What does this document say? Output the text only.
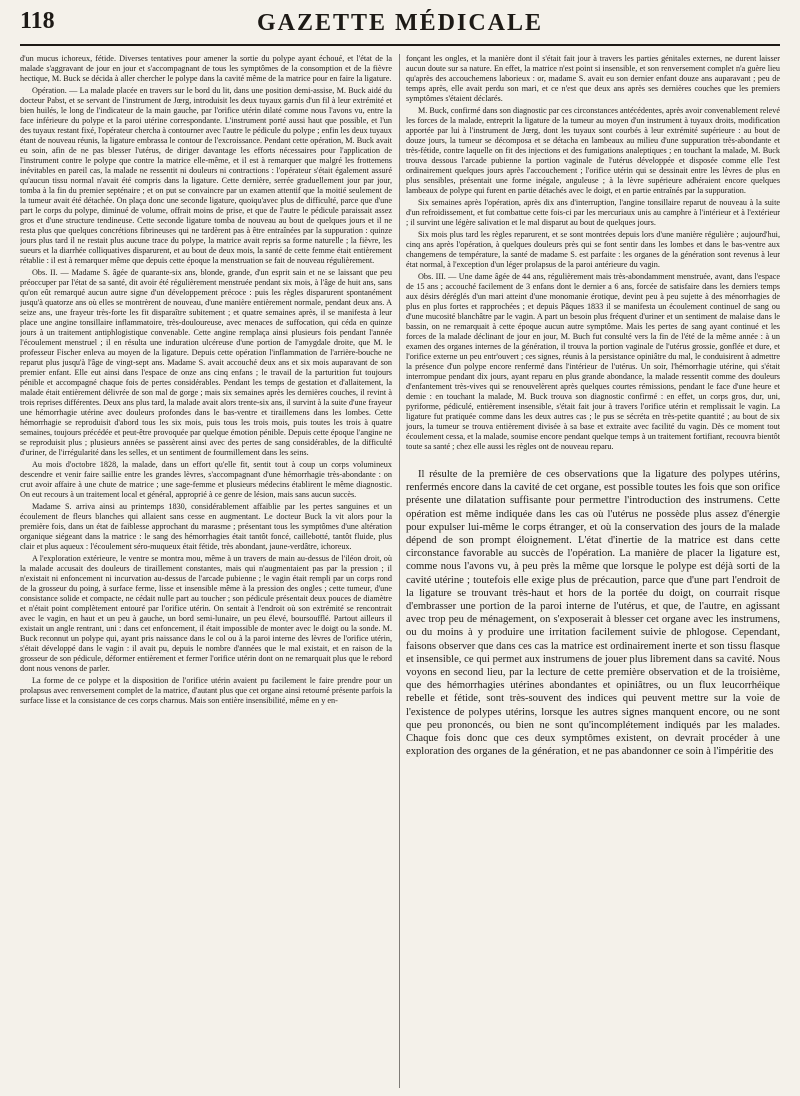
118	GAZETTE MÉDICALE

d'un mucus ichoreux, fétide. Diverses tentatives pour amener la sortie du polype ayant échoué, et l'état de la malade s'aggravant de jour en jour et s'accompagnant de tous les symptômes de la consomption et de la fièvre hectique, M. Buck se décida à aller chercher le polype dans la cavité même de la matrice pour en faire la ligature.

Opération. — La malade placée en travers sur le bord du lit, dans une position demi-assise, M. Buck aidé du docteur Pabst, et se servant de l'instrument de Jœrg, introduisit les deux tuyaux garnis d'un fil à leur extrémité et bien huilés, le long de l'indicateur de la main gauche, par l'orifice utérin dilaté comme nous l'avons vu, entre la face inférieure du polype et la paroi utérine correspondante. L'instrument porté aussi haut que possible, et l'un des tuyaux restant fixé, l'opérateur chercha à contourner avec l'autre le pédicule du polype ; enfin les deux tuyaux étant de nouveau réunis, la ligature embrassa le contour de l'excroissance. Pendant cette opération, M. Buck avait eu soin, afin de ne pas blesser l'utérus, de diriger davantage les efforts nécessaires pour l'application de l'instrument contre le polype que contre la matrice elle-même, et il est à remarquer que malgré les frottemens inévitables en pareil cas, la malade ne ressentit ni douleurs ni contractions : l'opérateur s'était également assuré qu'aucun tissu normal n'avait été compris dans la ligature. Cette dernière, serrée graduellement jour par jour, tomba à la fin du premier septénaire ; et on put se convaincre par un examen attentif que la moitié seulement de la tumeur avait été détachée. On plaça donc une seconde ligature, quoiqu'avec plus de difficulté, parce que d'une part le corps du polype, diminué de volume, offrait moins de prise, et que de l'autre le pédicule paraissait assez gros et d'une structure tendineuse. Cette seconde ligature tomba de nouveau au bout de quelques jours et il ne resta plus que quelques concrétions fibrineuses qui ne tardèrent pas à être entraînées par la suppuration : quinze jours plus tard il ne restait plus aucune trace du polype, la matrice avait repris sa forme naturelle ; la fièvre, les sueurs et la diarrhée colliquatives disparurent, et au bout de deux mois, la santé de cette femme était entièrement rétablie : il est à remarquer même que depuis cette époque la menstruation se fait de nouveau régulièrement.

Obs. II. — Madame S. âgée de quarante-six ans, blonde, grande, d'un esprit sain et ne se laissant que peu préoccuper par l'état de sa santé, dit avoir été régulièrement menstruée pendant six mois, à l'âge de huit ans, sans qu'on eût remarqué aucun autre signe d'un développement précoce : puis les règles disparurent spontanément jusqu'à quatorze ans où elles se montrèrent de nouveau, d'une manière entièrement normale, pendant deux ans. A seize ans, une frayeur très-forte les fit disparaître subitement ; et quatre semaines après, il se manifesta à leur place une angine tonsillaire inflammatoire, très-douloureuse, avec menaces de suffocation, qui céda en quinze jours à un traitement antiphlogistique convenable. Cette angine remplaça ainsi plusieurs fois pendant l'année l'écoulement menstruel ; il en résulta une induration ulcéreuse d'une portion de l'amygdale droite, que M. le professeur Fischer enleva au moyen de la ligature. Depuis cette opération l'inflammation de l'arrière-bouche ne reparut plus jusqu'à l'âge de vingt-sept ans. Madame S. avait accouché deux ans et six mois auparavant de son premier enfant. Elle eut ainsi dans l'espace de onze ans cinq enfans ; le travail de la parturition fut toujours pénible et accompagné chaque fois de pertes considérables. Pendant les temps de gestation et d'allaitement, la malade était entièrement délivrée de son mal de gorge ; mais six semaines après les dernières couches, il revint à trois reprises différentes. Deux ans plus tard, la malade avait alors trente-six ans, il survint à la suite d'une frayeur une hémorrhagie utérine avec douleurs profondes dans le bas-ventre et tiraillemens dans les lombes. Cette hémorrhagie se reproduisit d'abord tous les six mois, puis tous les trois mois, puis toutes les trois à quatre semaines, toujours précédée et peut-être provoquée par quelque émotion pénible. Depuis cette époque l'angine ne se reproduisit plus ; plusieurs années se passèrent ainsi avec des pertes de sang considérables, de la difficulté d'uriner, de l'irrégularité dans les selles, et un sentiment de fourmillement dans les seins.

Au mois d'octobre 1828, la malade, dans un effort qu'elle fit, sentit tout à coup un corps volumineux descendre et venir faire saillie entre les grandes lèvres, s'accompagnant d'une hémorrhagie très-abondante : on crut avoir affaire à une chute de matrice ; une sage-femme et plusieurs médecins établirent le même diagnostic. On eut recours à un traitement local et général, approprié à ce genre de lésion, mais sans aucun succès.

Madame S. arriva ainsi au printemps 1830, considérablement affaiblie par les pertes sanguines et un écoulement de fleurs blanches qui allaient sans cesse en augmentant. Le docteur Buck la vit alors pour la première fois, dans un état de faiblesse approchant du marasme ; présentant tous les symptômes d'une altération organique siégeant dans la matrice : le sang des hémorrhagies était tantôt foncé, caillebotté, tantôt fluide, plus clair et plus aqueux : l'écoulement séro-muqueux était fétide, très abondant, jaune-verdâtre, ichoreux.

A l'exploration extérieure, le ventre se montra mou, même à un travers de main au-dessus de l'iléon droit, où la malade accusait des douleurs de tiraillement constantes, mais qui n'augmentaient pas par la pression ; il n'existait ni enfoncement ni incurvation au-dessus de l'arcade pubienne ; le vagin était rempli par un corps rond de la grosseur du poing, à surface ferme, lisse et insensible même à la pression des ongles ; cette tumeur, d'une consistance solide et compacte, ne cédait nulle part au toucher ; son pédicule présentait deux pouces de diamètre et n'était point complètement entouré par l'orifice utérin. On sentait à l'endroit où son extrémité se rencontrait avec le vagin, en haut et un peu à gauche, un bord semi-lunaire, un peu élevé, boursoufflé. Partout ailleurs il existait un angle rentrant, uni : dans cet enfoncement, il était impossible de monter avec le doigt ou la sonde. M. Buck reconnut un polype qui, ayant pris naissance dans le col ou à la paroi interne des lèvres de l'orifice utérin, s'était développé dans le vagin : il avait pu, depuis le nombre d'années que le mal existait, et en raison de la grosseur de son pédicule, déformer entièrement et fermer l'orifice utérin dont on ne remarquait plus que le rebord dont nous venons de parler.

La forme de ce polype et la disposition de l'orifice utérin avaient pu facilement le faire prendre pour un prolapsus avec renversement complet de la matrice, d'autant plus que cet organe ainsi retourné présente parfois la surface lisse et la consistance de ces corps charnus. Mais son entière insensibilité, même en y en-

fonçant les ongles, et la manière dont il s'était fait jour à travers les parties génitales externes, ne durent laisser aucun doute sur sa nature. En effet, la matrice n'est point si insensible, et son renversement complet n'a guère lieu qu'après des accouchemens laborieux : or, madame S. avait eu son dernier enfant douze ans auparavant ; peu de temps après, elle avait perdu son mari, et ce n'est que deux ans après ses dernières couches que les premiers symptômes s'étaient déclarés.

M. Buck, confirmé dans son diagnostic par ces circonstances antécédentes, après avoir convenablement relevé les forces de la malade, entreprit la ligature de la tumeur au moyen d'un instrument à tuyaux droits, modification apportée par lui à l'instrument de Jœrg, dont les tuyaux sont courbés à leur extrémité supérieure : au bout de douze jours, la tumeur se décomposa et se détacha en lambeaux au milieu d'une suppuration très-abondante et très-fétide, contre laquelle on fit des injections et des fumigations analeptiques ; en touchant la malade, M. Buck trouva dessous l'arcade pubienne la portion vaginale de l'utérus développée et disposée comme elle l'est ordinairement quelques jours après l'accouchement ; l'orifice utérin qui se dessinait entre les lèvres de plus en plus sensibles, présentait une forme inégale, anguleuse ; à la lèvre supérieure adhéraient encore quelques lambeaux de polype qui furent en partie détachés avec le doigt, et en partie entraînés par la suppuration.

Six semaines après l'opération, après dix ans d'interruption, l'angine tonsillaire reparut de nouveau à la suite d'un refroidissement, et fut combattue cette fois-ci par les mercuriaux unis au camphre à l'intérieur et à l'extérieur ; il survint une légère salivation et le mal disparut au bout de quelques jours.

Six mois plus tard les règles reparurent, et se sont montrées depuis lors d'une manière régulière ; aujourd'hui, cinq ans après l'opération, à quelques douleurs près qui se font sentir dans les lombes et dans le bas-ventre aux changemens de température, la santé de madame S. est parfaite : les organes de la génération sont revenus à leur état normal, à l'exception d'un léger prolapsus de la paroi antérieure du vagin.

Obs. III. — Une dame âgée de 44 ans, régulièrement mais très-abondamment menstruée, avant, dans l'espace de 15 ans ; accouché facilement de 3 enfans dont le dernier a 6 ans, forcée de satisfaire dans les derniers temps aux désirs déréglés d'un mari atteint d'une monomanie érotique, devint peu à peu sujette à des ménorrhagies de plus en plus fortes et rapprochées ; et depuis Pâques 1833 il se manifesta un écoulement continuel de sang ou d'une mucosité blanchâtre par le vagin. A part un besoin plus fréquent d'uriner et un sentiment de malaise dans le bassin, on ne remarquait à cette époque aucun autre symptôme. Mais les pertes de sang ayant continué et les forces de la malade déclinant de jour en jour, M. Buch fut consulté vers la fin de l'été de la même année : à un examen des organes internes de la génération, il trouva la portion vaginale de l'utérus grossie, gonflée et dure, et l'orifice externe un peu entr'ouvert ; ces signes, réunis à la persistance opiniâtre du mal, le conduisirent à admettre la présence d'un polype encore renfermé dans l'intérieur de l'utérus. Un soir, l'hémorrhagie utérine, qui s'était interrompue pendant dix jours, ayant reparu en plus grande abondance, la malade ressentit comme des douleurs d'enfantement très-vives qui se renouvelèrent après quelques courtes rémissions, pendant le face d'une heure et demie : en touchant la malade, M. Buck trouva son diagnostic confirmé : en effet, un corps gros, dur, uni, pyriforme, pédiculé, entièrement insensible, s'était fait jour à travers l'orifice utérin et remplissait le vagin. La ligature fut pratiquée comme dans les deux autres cas ; le pus se sécréta en très-petite quantité ; au bout de six jours, la tumeur se trouva entièrement divisée à sa base et extraite avec facilité du vagin. Dès ce moment tout écoulement cessa, et la malade, soumise encore pendant quelque temps à un traitement fortifiant, recouvra bientôt toute sa santé ; chez elle aussi les règles ont de nouveau reparu.

Il résulte de la première de ces observations que la ligature des polypes utérins, renfermés encore dans la cavité de cet organe, est possible toutes les fois que son orifice présente une dilatation suffisante pour permettre l'introduction des instrumens. Cette opération est même indiquée dans les cas où l'utérus ne possède plus assez d'énergie pour expulser lui-même le corps étranger, et où la conservation des jours de la malade dépend de son prompt éloignement. L'état d'inertie de la matrice est dans cette circonstance favorable au succès de l'opération. La manière de placer la ligature est, comme nous l'avons vu, à peu près la même que lorsque le polype est déjà sorti de la cavité utérine ; toutefois elle exige plus de précaution, parce que d'une part l'endroit de la ligature se trouvant très-haut et hors de la portée du doigt, on courrait risque d'embrasser une portion de la paroi interne de l'utérus, et que, de l'autre, en agissant avec trop peu de ménagement, on s'exposerait à blesser cet organe avec les instrumens, ou du moins à y produire une irritation facilement suivie de phlogose. Cependant, faisons observer que dans ces cas la matrice est ordinairement inerte et son tissu flasque et insensible, ce qui permet aux instrumens de jouer plus librement dans sa cavité. Nous voyons en second lieu, par la lecture de cette première observation et de la troisième, que des hémorrhagies utérines abondantes et opiniâtres, ou un flux leucorrhéique rebelle et fétide, sont très-souvent des indices qui peuvent mettre sur la voie de l'existence de polypes utérins, lorsque les autres signes manquent encore, ou ne sont que peu prononcés, ou bien ne sont qu'incomplétement indiqués par les malades. Chaque fois donc que ces deux symptômes existent, on devrait procéder à une exploration des organes de la génération, et ne pas abandonner ce soin à l'impéritie des
